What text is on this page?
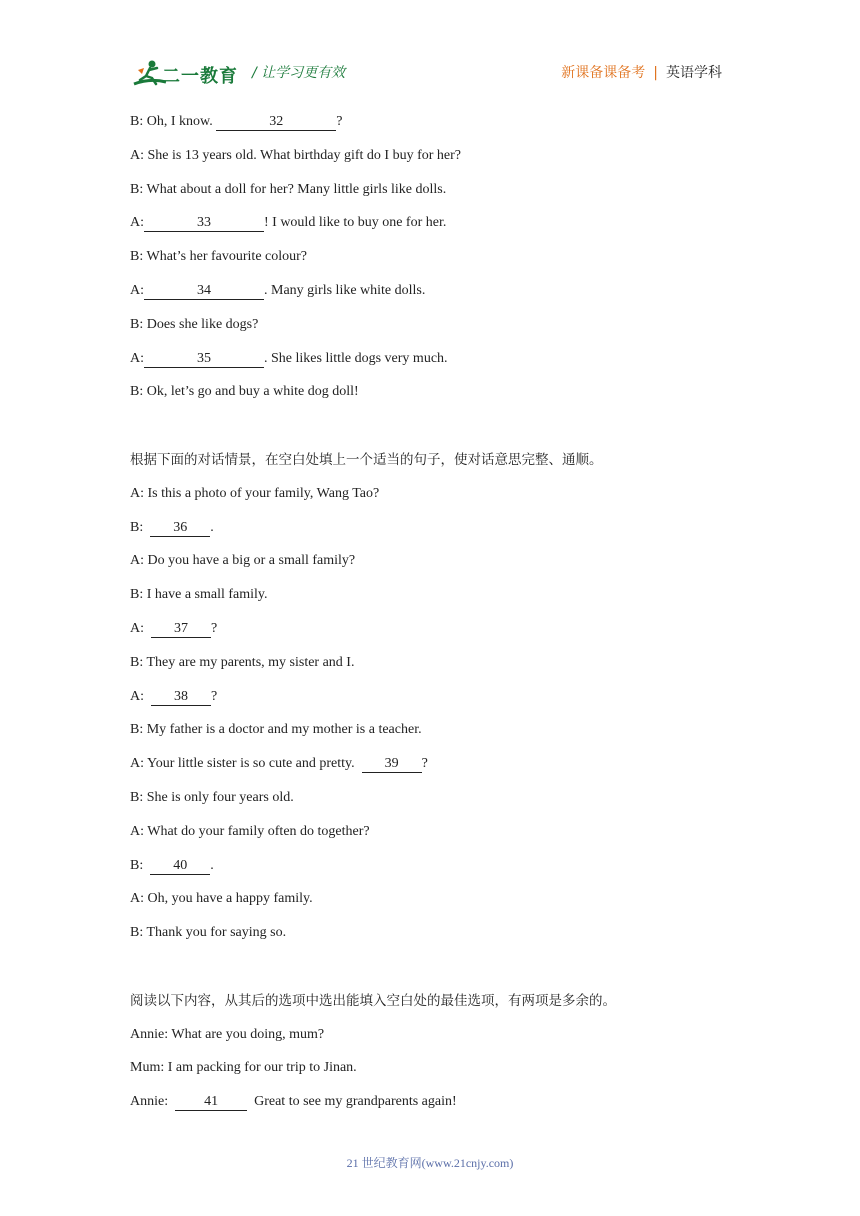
二一教育 / 让学习更有效	新课备课备考 | 英语学科
B: Oh, I know.	32	?
A: She is 13 years old. What birthday gift do I buy for her?
B: What about a doll for her? Many little girls like dolls.
A:	33	! I would like to buy one for her.
B: What’s her favourite colour?
A:	34	. Many girls like white dolls.
B: Does she like dogs?
A:	35	. She likes little dogs very much.
B: Ok, let’s go and buy a white dog doll!
根据下面的对话情景，在空白处填上一个适当的句子，使对话意思完整、通顺。
A: Is this a photo of your family, Wang Tao?
B:  36 .
A: Do you have a big or a small family?
B: I have a small family.
A:  37 ?
B: They are my parents, my sister and I.
A:  38 ?
B: My father is a doctor and my mother is a teacher.
A: Your little sister is so cute and pretty.  39 ?
B: She is only four years old.
A: What do your family often do together?
B:  40 .
A: Oh, you have a happy family.
B: Thank you for saying so.
阅读以下内容，从其后的选项中选出能填入空白处的最佳选项，有两项是多余的。
Annie: What are you doing, mum?
Mum: I am packing for our trip to Jinan.
Annie:  41  Great to see my grandparents again!
21 世纪教育网(www.21cnjy.com)
